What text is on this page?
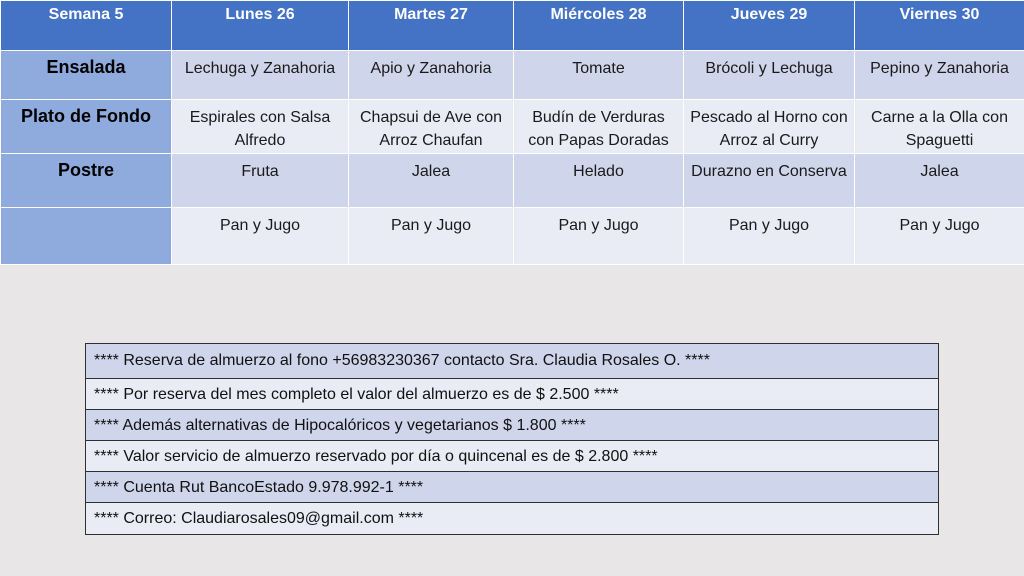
Semana 5	Lunes 26	Martes 27	Miércoles 28	Jueves 29	Viernes 30
Ensalada	Lechuga y Zanahoria	Apio y Zanahoria	Tomate	Brócoli y Lechuga	Pepino y Zanahoria
Plato de Fondo	Espirales con Salsa Alfredo	Chapsui de Ave con Arroz Chaufan	Budín de Verduras con Papas Doradas	Pescado al Horno con Arroz al Curry	Carne a la Olla con Spaguetti
Postre	Fruta	Jalea	Helado	Durazno en Conserva	Jalea
	Pan y Jugo	Pan y Jugo	Pan y Jugo	Pan y Jugo	Pan y Jugo
**** Reserva de almuerzo al fono +56983230367 contacto Sra. Claudia Rosales O. ****
**** Por reserva del mes completo el valor del almuerzo es de $ 2.500 ****
**** Además alternativas de Hipocalóricos y vegetarianos $ 1.800 ****
**** Valor servicio de almuerzo reservado por día o quincenal es de $ 2.800 ****
**** Cuenta Rut BancoEstado 9.978.992-1 ****
**** Correo: Claudiarosales09@gmail.com ****
